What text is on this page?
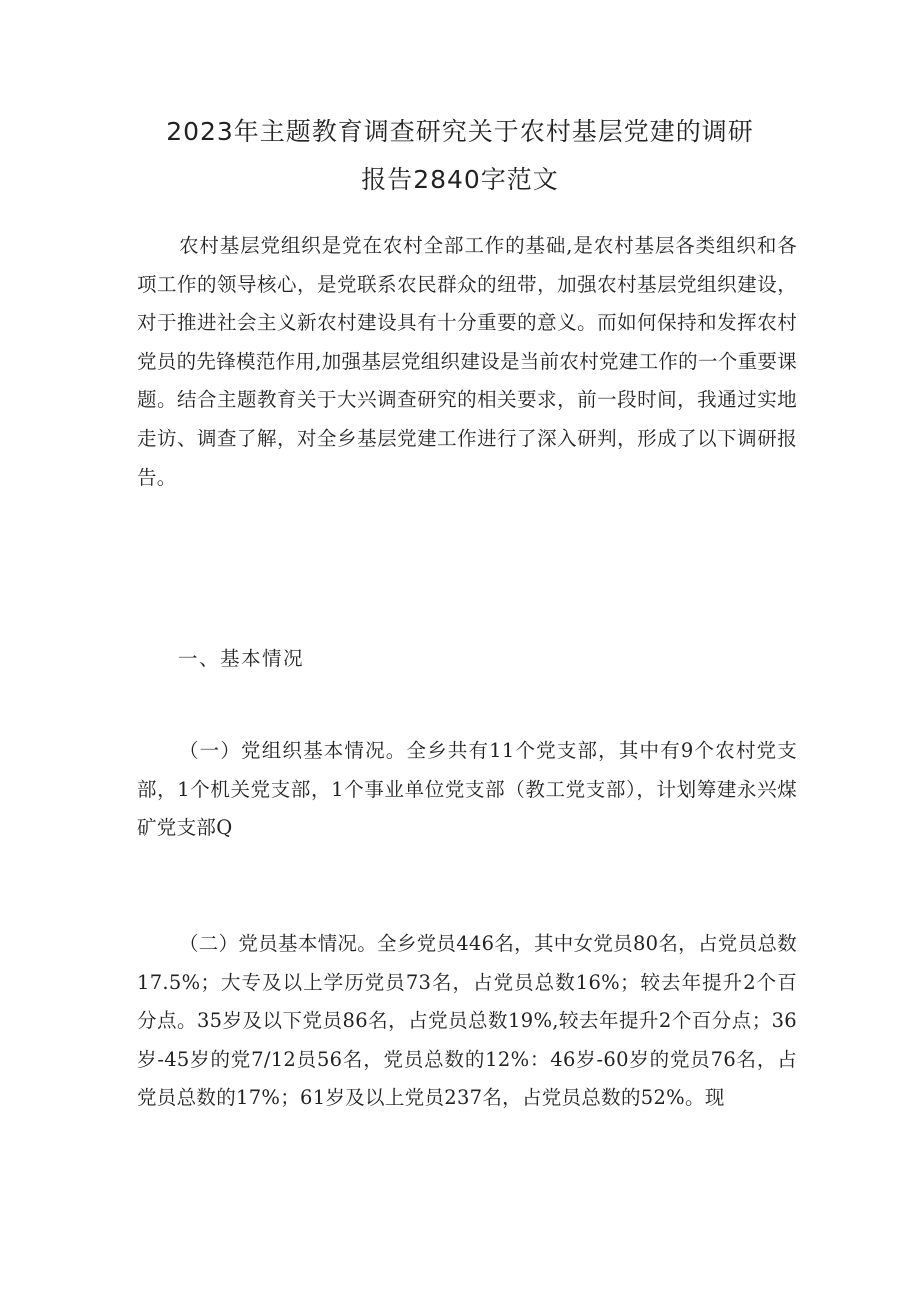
2023年主题教育调查研究关于农村基层党建的调研
报告2840字范文

农村基层党组织是党在农村全部工作的基础,是农村基层各类组织和各项工作的领导核心，是党联系农民群众的纽带，加强农村基层党组织建设，对于推进社会主义新农村建设具有十分重要的意义。而如何保持和发挥农村党员的先锋模范作用,加强基层党组织建设是当前农村党建工作的一个重要课题。结合主题教育关于大兴调查研究的相关要求，前一段时间，我通过实地走访、调查了解，对全乡基层党建工作进行了深入研判，形成了以下调研报告。

一、基本情况

（一）党组织基本情况。全乡共有11个党支部，其中有9个农村党支部，1个机关党支部，1个事业单位党支部（教工党支部），计划筹建永兴煤矿党支部Q

（二）党员基本情况。全乡党员446名，其中女党员80名，占党员总数17.5%；大专及以上学历党员73名，占党员总数16%；较去年提升2个百分点。35岁及以下党员86名，占党员总数19%,较去年提升2个百分点；36岁-45岁的党7/12员56名，党员总数的12%：46岁-60岁的党员76名，占党员总数的17%；61岁及以上党员237名，占党员总数的52%。现
